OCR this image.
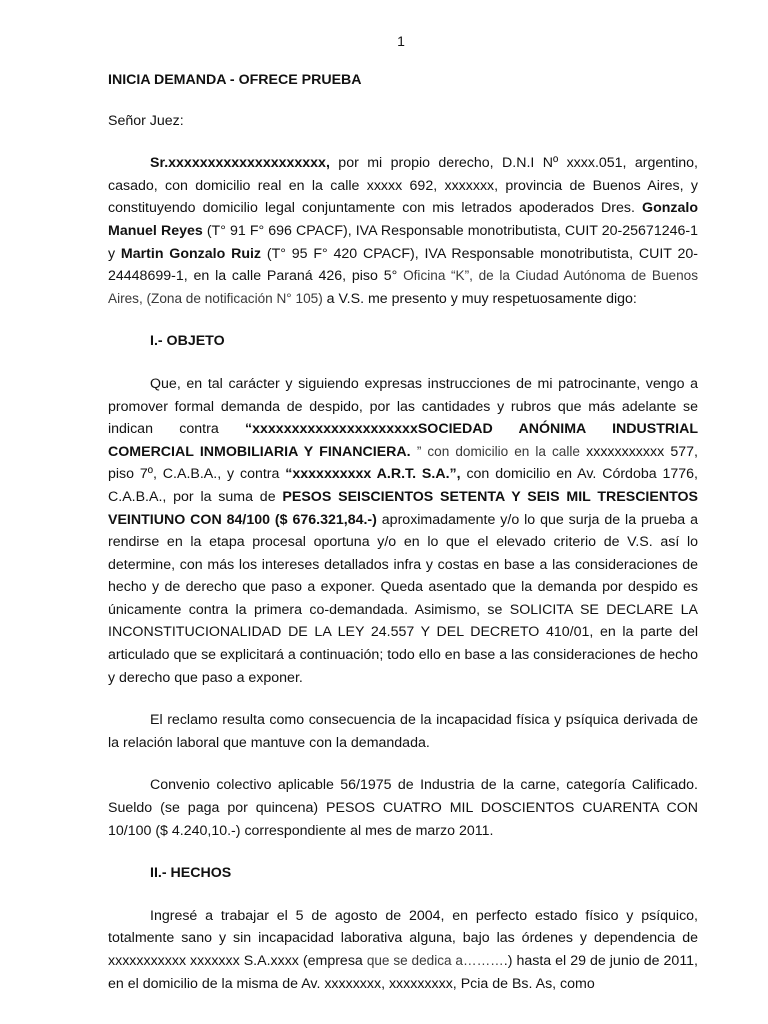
1

INICIA DEMANDA - OFRECE PRUEBA

Señor Juez:

Sr.xxxxxxxxxxxxxxxxxxxx, por mi propio derecho, D.N.I Nº xxxx.051, argentino, casado, con domicilio real en la calle xxxxx 692, xxxxxxx, provincia de Buenos Aires, y constituyendo domicilio legal conjuntamente con mis letrados apoderados Dres. Gonzalo Manuel Reyes (T° 91 F° 696 CPACF), IVA Responsable monotributista, CUIT 20-25671246-1 y Martin Gonzalo Ruiz (T° 95 F° 420 CPACF), IVA Responsable monotributista, CUIT 20-24448699-1, en la calle Paraná 426, piso 5° Oficina “K”, de la Ciudad Autónoma de Buenos Aires, (Zona de notificación N° 105) a V.S. me presento y muy respetuosamente digo:

I.- OBJETO

Que, en tal carácter y siguiendo expresas instrucciones de mi patrocinante, vengo a promover formal demanda de despido, por las cantidades y rubros que más adelante se indican contra “xxxxxxxxxxxxxxxxxxxxxSOCIEDAD ANÓNIMA INDUSTRIAL COMERCIAL INMOBILIARIA Y FINANCIERA. ” con domicilio en la calle xxxxxxxxxxx 577, piso 7º, C.A.B.A., y contra “xxxxxxxxxx A.R.T. S.A.”, con domicilio en Av. Córdoba 1776, C.A.B.A., por la suma de PESOS SEISCIENTOS SETENTA Y SEIS MIL TRESCIENTOS VEINTIUNO CON 84/100 ($ 676.321,84.-) aproximadamente y/o lo que surja de la prueba a rendirse en la etapa procesal oportuna y/o en lo que el elevado criterio de V.S. así lo determine, con más los intereses detallados infra y costas en base a las consideraciones de hecho y de derecho que paso a exponer. Queda asentado que la demanda por despido es únicamente contra la primera co-demandada. Asimismo, se SOLICITA SE DECLARE LA INCONSTITUCIONALIDAD DE LA LEY 24.557 Y DEL DECRETO 410/01, en la parte del articulado que se explicitará a continuación; todo ello en base a las consideraciones de hecho y derecho que paso a exponer.

El reclamo resulta como consecuencia de la incapacidad física y psíquica derivada de la relación laboral que mantuve con la demandada.

Convenio colectivo aplicable 56/1975 de Industria de la carne, categoría Calificado. Sueldo (se paga por quincena) PESOS CUATRO MIL DOSCIENTOS CUARENTA CON 10/100 ($ 4.240,10.-) correspondiente al mes de marzo 2011.

II.- HECHOS

Ingresé a trabajar el 5 de agosto de 2004, en perfecto estado físico y psíquico, totalmente sano y sin incapacidad laborativa alguna, bajo las órdenes y dependencia de xxxxxxxxxxx xxxxxxx S.A.xxxx (empresa que se dedica a……….) hasta el 29 de junio de 2011, en el domicilio de la misma de Av. xxxxxxxx, xxxxxxxxx, Pcia de Bs. As, como
